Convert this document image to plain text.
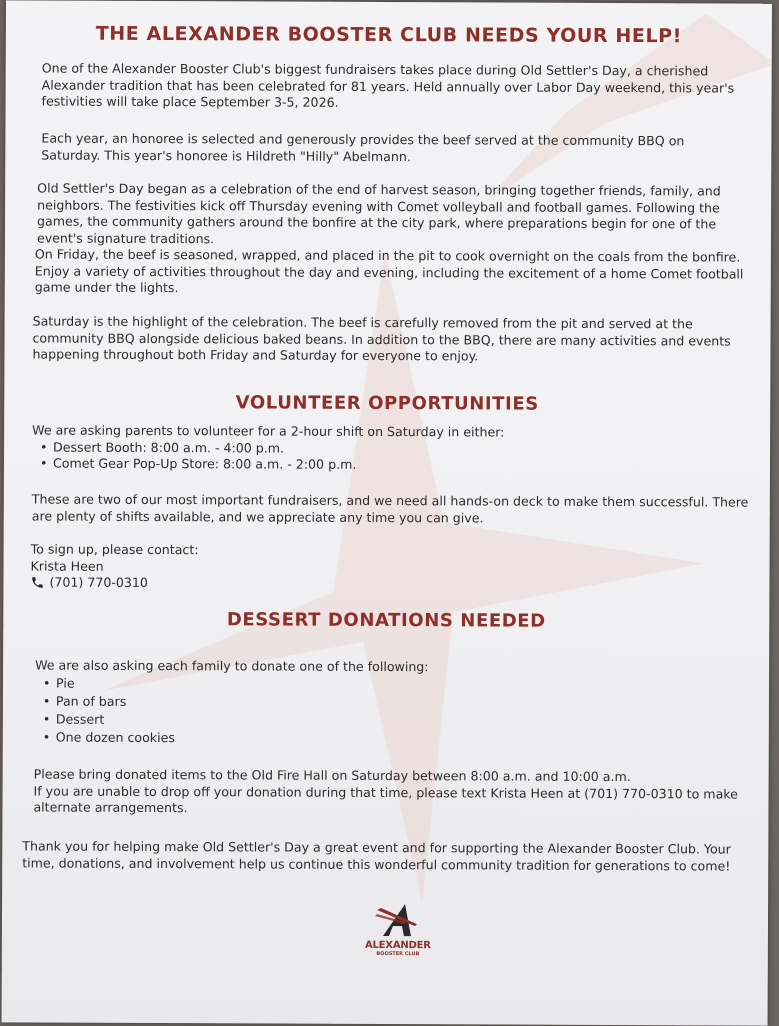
THE ALEXANDER BOOSTER CLUB NEEDS YOUR HELP!

One of the Alexander Booster Club's biggest fundraisers takes place during Old Settler's Day, a cherished Alexander tradition that has been celebrated for 81 years. Held annually over Labor Day weekend, this year's festivities will take place September 3-5, 2026.

Each year, an honoree is selected and generously provides the beef served at the community BBQ on Saturday. This year's honoree is Hildreth "Hilly" Abelmann.

Old Settler's Day began as a celebration of the end of harvest season, bringing together friends, family, and neighbors. The festivities kick off Thursday evening with Comet volleyball and football games. Following the games, the community gathers around the bonfire at the city park, where preparations begin for one of the event's signature traditions.

On Friday, the beef is seasoned, wrapped, and placed in the pit to cook overnight on the coals from the bonfire. Enjoy a variety of activities throughout the day and evening, including the excitement of a home Comet football game under the lights.

Saturday is the highlight of the celebration. The beef is carefully removed from the pit and served at the community BBQ alongside delicious baked beans. In addition to the BBQ, there are many activities and events happening throughout both Friday and Saturday for everyone to enjoy.

VOLUNTEER OPPORTUNITIES
We are asking parents to volunteer for a 2-hour shift on Saturday in either:
• Dessert Booth: 8:00 a.m. - 4:00 p.m.
• Comet Gear Pop-Up Store: 8:00 a.m. - 2:00 p.m.

These are two of our most important fundraisers, and we need all hands-on deck to make them successful. There are plenty of shifts available, and we appreciate any time you can give.

To sign up, please contact:
Krista Heen
(701) 770-0310
DESSERT DONATIONS NEEDED
We are also asking each family to donate one of the following:
• Pie
• Pan of bars
• Dessert
• One dozen cookies
Please bring donated items to the Old Fire Hall on Saturday between 8:00 a.m. and 10:00 a.m.
If you are unable to drop off your donation during that time, please text Krista Heen at (701) 770-0310 to make alternate arrangements.

Thank you for helping make Old Settler's Day a great event and for supporting the Alexander Booster Club. Your time, donations, and involvement help us continue this wonderful community tradition for generations to come!

ALEXANDER
BOOSTER CLUB
